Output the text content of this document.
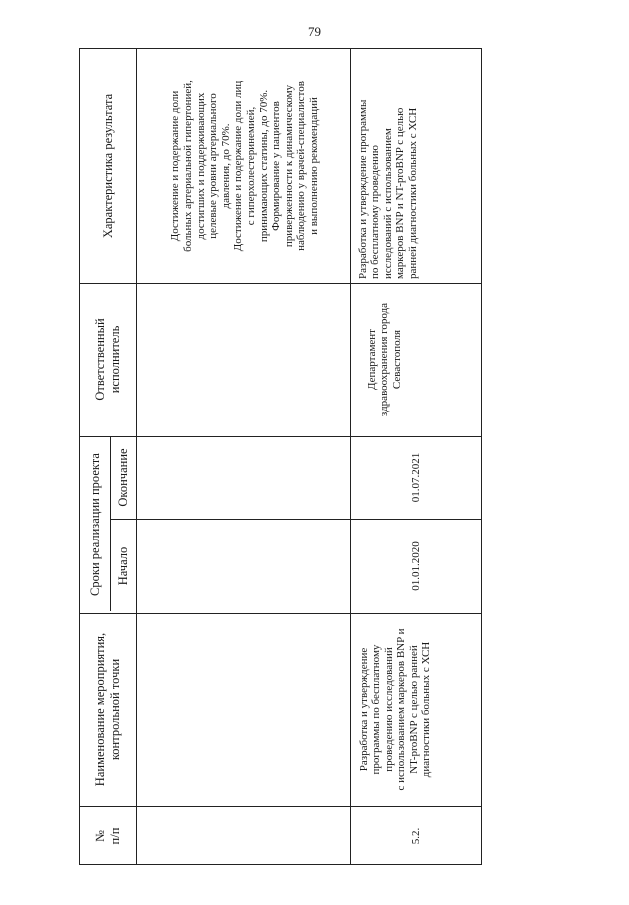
79
Характеристика результата
Ответственный исполнитель
Сроки реализации проекта Окончание
Начало
Наименование мероприятия, контрольной точки
№ п/п
Достижение и подержание доли больных артериальной гипертонией, достигших и поддерживающих целевые уровни артериального давления, до 70%. Достижение и подержание доли лиц с гиперхолестеринемией, принимающих статины, до 70%. Формирование у пациентов приверженности к динамическому наблюдению у врачей-специалистов и выполнению рекомендаций	Разработка и утверждение программы по бесплатному проведению исследований с использованием маркеров BNP и NT-proBNP с целью ранней диагностики больных с ХСН
Департамент здравоохранения города Севастополя
01.07.2021
01.01.2020
Разработка и утверждение программы по бесплатному проведению исследований с использованием маркеров BNP и NT-proBNP с целью ранней диагностики больных с ХСН
5.2.
